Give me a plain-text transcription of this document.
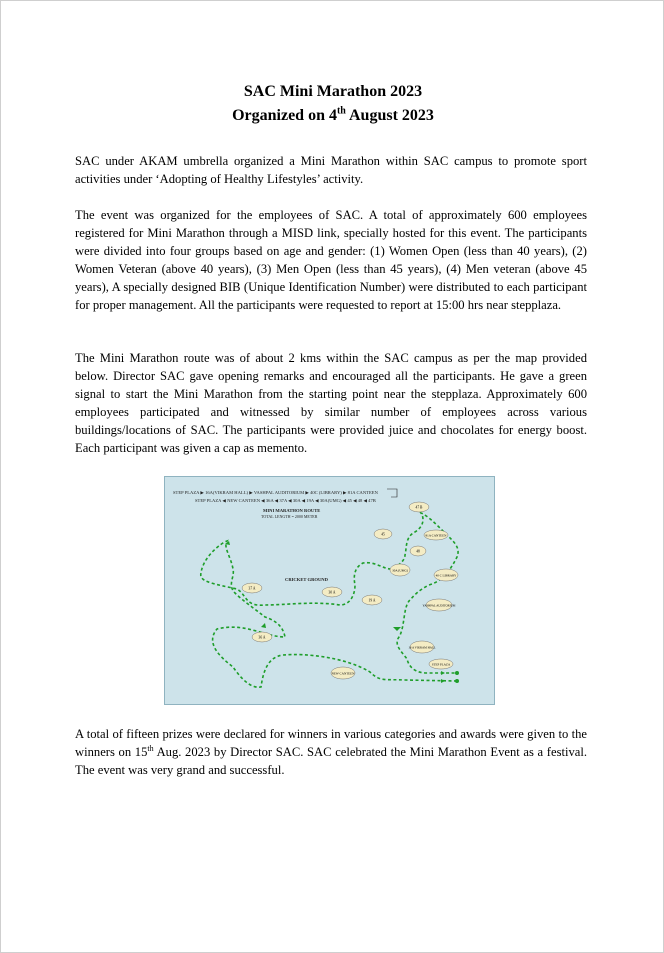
SAC Mini Marathon 2023
Organized on 4th August 2023
SAC under AKAM umbrella organized a Mini Marathon within SAC campus to promote sport activities under ‘Adopting of Healthy Lifestyles’ activity.
The event was organized for the employees of SAC. A total of approximately 600 employees registered for Mini Marathon through a MISD link, specially hosted for this event. The participants were divided into four groups based on age and gender: (1) Women Open (less than 40 years), (2) Women Veteran (above 40 years), (3) Men Open (less than 45 years), (4) Men veteran (above 45 years), A specially designed BIB (Unique Identification Number) were distributed to each participant for proper management. All the participants were requested to report at 15:00 hrs near stepplaza.
The Mini Marathon route was of about 2 kms within the SAC campus as per the map provided below. Director SAC gave opening remarks and encouraged all the participants. He gave a green signal to start the Mini Marathon from the starting point near the stepplaza. Approximately 600 employees participated and witnessed by similar number of employees across various buildings/locations of SAC. The participants were provided juice and chocolates for energy boost. Each participant was given a cap as memento.
STEP PLAZA ▶ 16A(VIKRAM HALL) ▶ VASHPAL AUDITORIUM ▶ 40C (LIBRARY) ▶ 81A CANTEEN
STEP PLAZA ◀ NEW CANTEEN ◀ 36A ◀ 37A ◀ 30A ◀ 19A ◀ 30A(UMG) ◀ 45 ◀ 48 ◀ 47B
MINI MARATHON ROUTE
TOTAL LENGTH = 2000 METER
CRICKET GROUND
47 B
81A CANTEEN
45
48
30A (UMG)
40 C LIBRARY
37 A
30 A
19 A
YASHPAL AUDITORIUM
36 A
16 A VIKRAM HALL
STEP PLAZA
NEW CANTEEN
A total of fifteen prizes were declared for winners in various categories and awards were given to the winners on 15th Aug. 2023 by Director SAC. SAC celebrated the Mini Marathon Event as a festival. The event was very grand and successful.
